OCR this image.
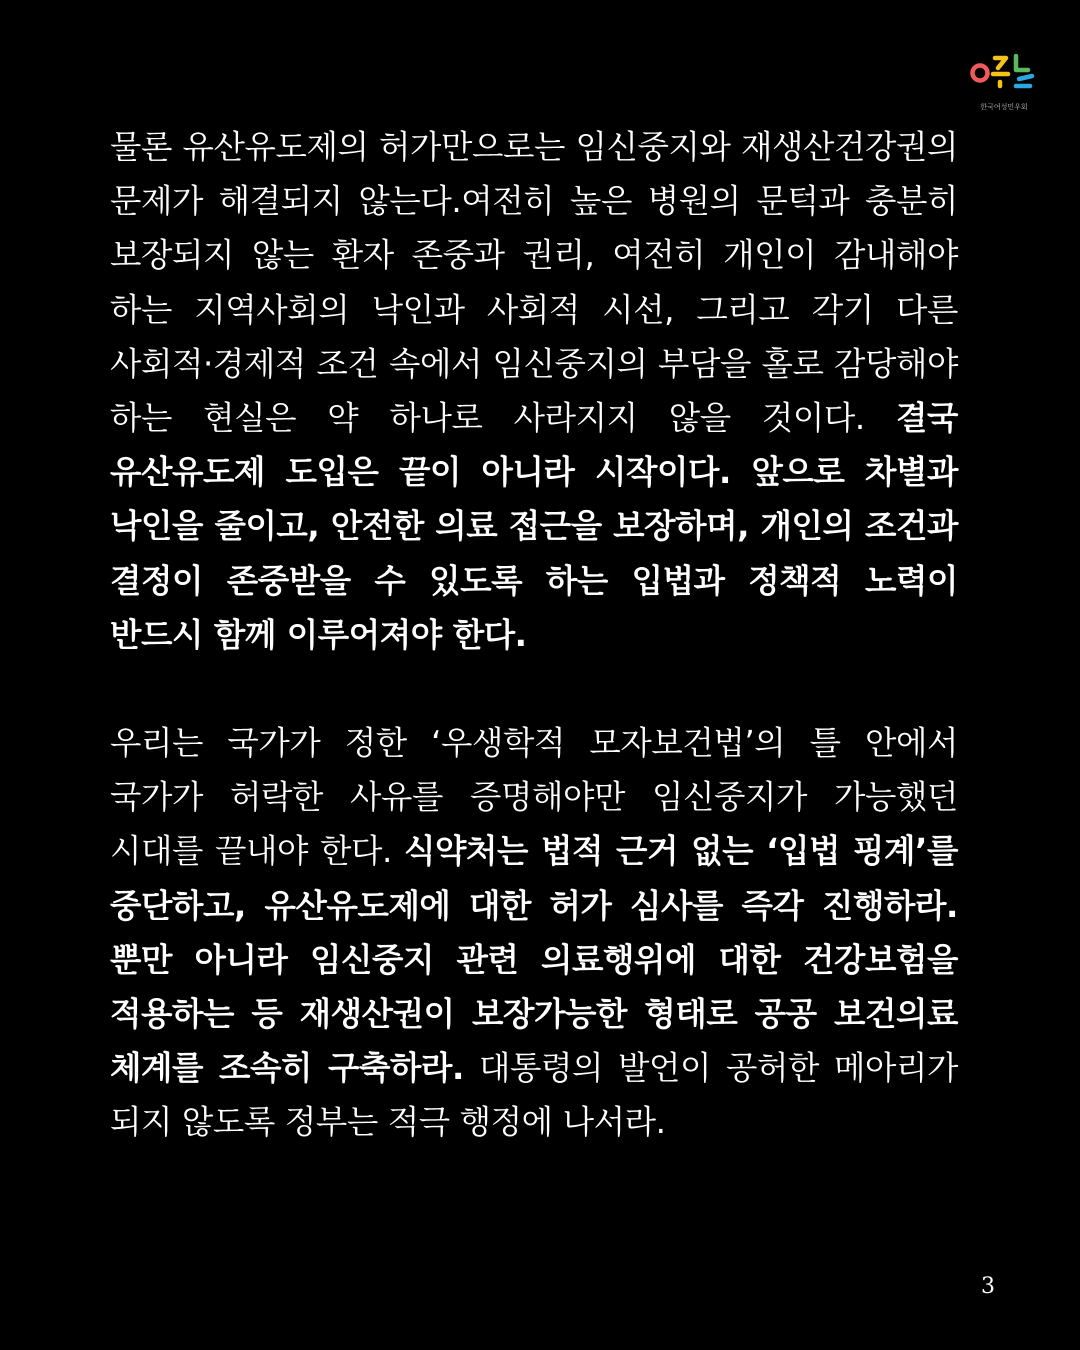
한국여성민우회

물론 유산유도제의 허가만으로는 임신중지와 재생산건강권의 문제가 해결되지 않는다.여전히 높은 병원의 문턱과 충분히 보장되지 않는 환자 존중과 권리, 여전히 개인이 감내해야 하는 지역사회의 낙인과 사회적 시선, 그리고 각기 다른 사회적·경제적 조건 속에서 임신중지의 부담을 홀로 감당해야 하는 현실은 약 하나로 사라지지 않을 것이다. 결국 유산유도제 도입은 끝이 아니라 시작이다. 앞으로 차별과 낙인을 줄이고, 안전한 의료 접근을 보장하며, 개인의 조건과 결정이 존중받을 수 있도록 하는 입법과 정책적 노력이 반드시 함께 이루어져야 한다.

우리는 국가가 정한 ‘우생학적 모자보건법’의 틀 안에서 국가가 허락한 사유를 증명해야만 임신중지가 가능했던 시대를 끝내야 한다. 식약처는 법적 근거 없는 ‘입법 핑계’를 중단하고, 유산유도제에 대한 허가 심사를 즉각 진행하라. 뿐만 아니라 임신중지 관련 의료행위에 대한 건강보험을 적용하는 등 재생산권이 보장가능한 형태로 공공 보건의료 체계를 조속히 구축하라. 대통령의 발언이 공허한 메아리가 되지 않도록 정부는 적극 행정에 나서라.

3
